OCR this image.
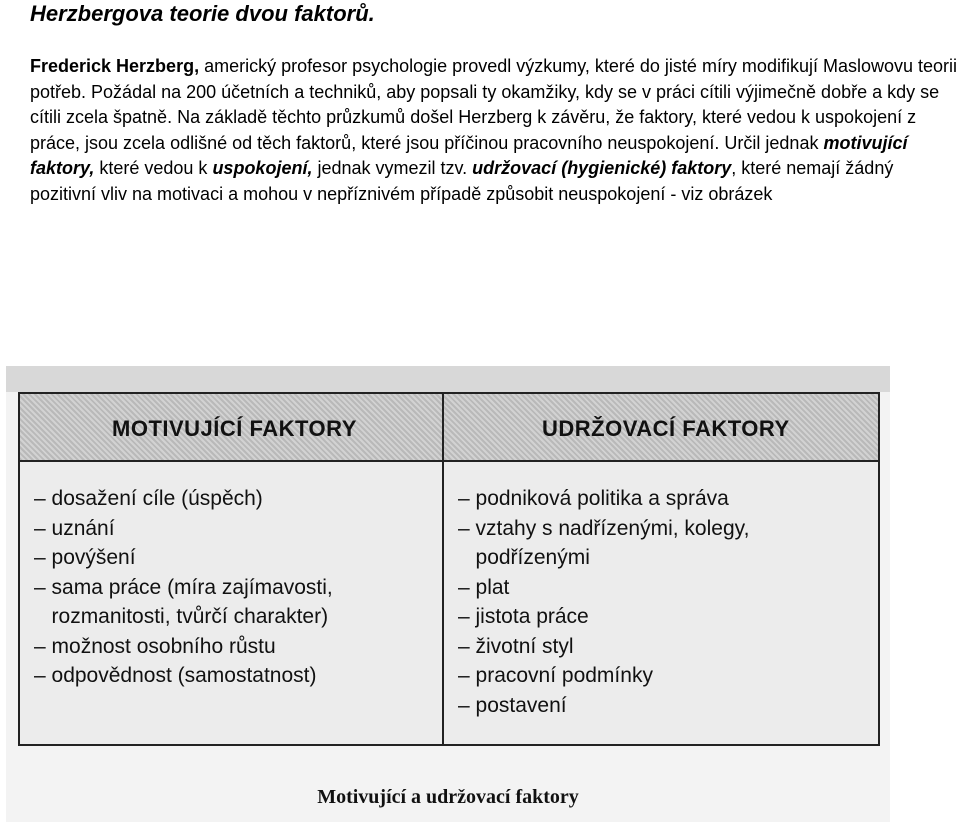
Herzbergova teorie dvou faktorů.

Frederick Herzberg, americký profesor psychologie provedl výzkumy, které do jisté míry modifikují Maslowovu teorii potřeb. Požádal na 200 účetních a techniků, aby popsali ty okamžiky, kdy se v práci cítili výjimečně dobře a kdy se cítili zcela špatně. Na základě těchto průzkumů došel Herzberg k závěru, že faktory, které vedou k uspokojení z práce, jsou zcela odlišné od těch faktorů, které jsou příčinou pracovního neuspokojení. Určil jednak motivující faktory, které vedou k uspokojení, jednak vymezil tzv. udržovací (hygienické) faktory, které nemají žádný pozitivní vliv na motivaci a mohou v nepříznivém případě způsobit neuspokojení - viz obrázek

MOTIVUJÍCÍ FAKTORY	UDRŽOVACÍ FAKTORY
– dosažení cíle (úspěch)
– uznání
– povýšení
– sama práce (míra zajímavosti,
rozmanitosti, tvůrčí charakter)
– možnost osobního růstu
– odpovědnost (samostatnost)
– podniková politika a správa
– vztahy s nadřízenými, kolegy,
podřízenými
– plat
– jistota práce
– životní styl
– pracovní podmínky
– postavení
Motivující a udržovací faktory
